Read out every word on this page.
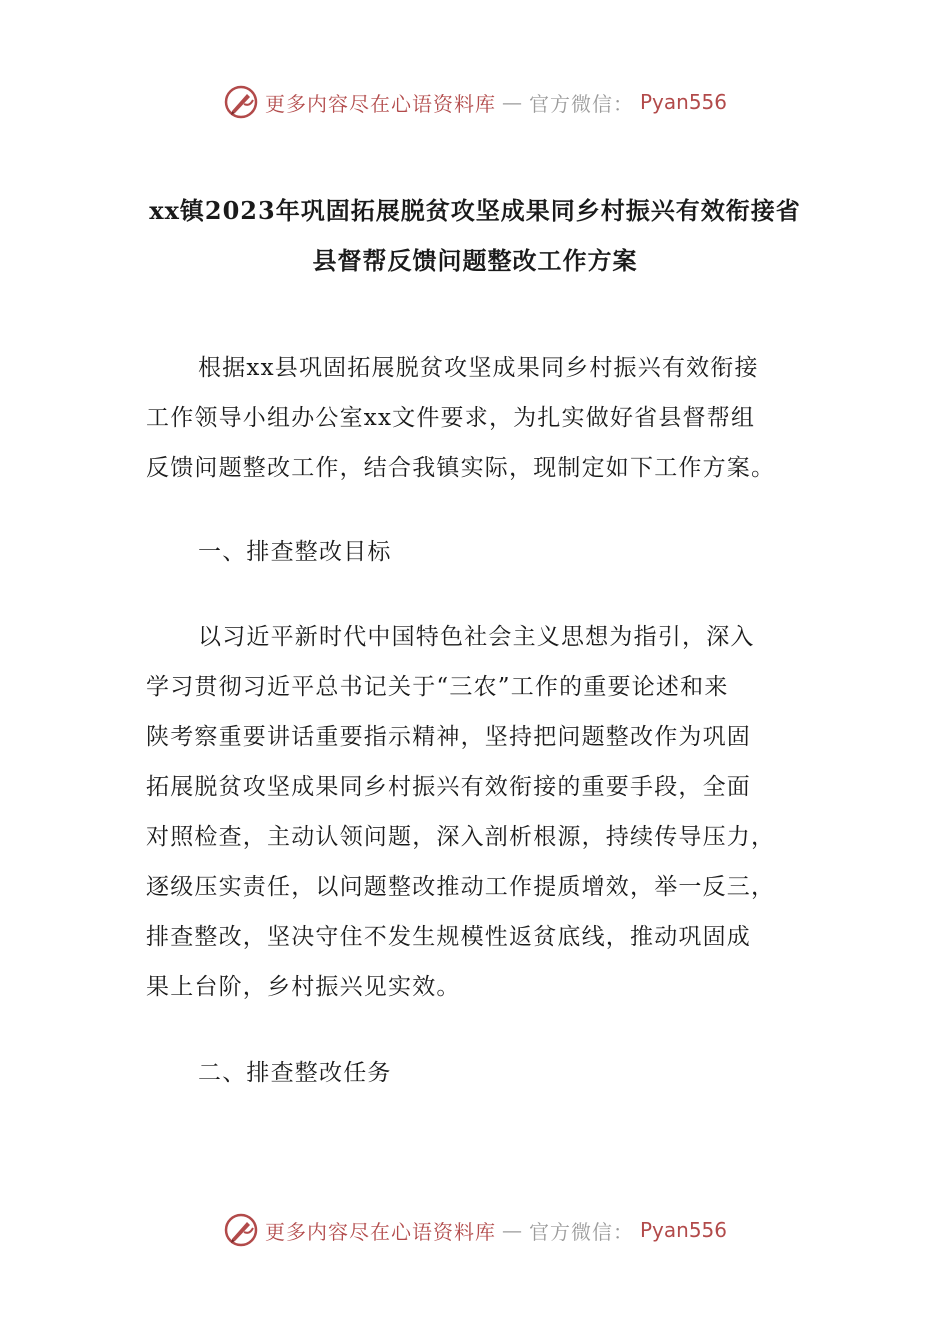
更多内容尽在心语资料库 — 官方微信： Pyan556
xx镇2023年巩固拓展脱贫攻坚成果同乡村振兴有效衔接省
县督帮反馈问题整改工作方案

根据xx县巩固拓展脱贫攻坚成果同乡村振兴有效衔接
工作领导小组办公室xx文件要求，为扎实做好省县督帮组
反馈问题整改工作，结合我镇实际，现制定如下工作方案。

一、排查整改目标

以习近平新时代中国特色社会主义思想为指引，深入
学习贯彻习近平总书记关于“三农”工作的重要论述和来
陕考察重要讲话重要指示精神，坚持把问题整改作为巩固
拓展脱贫攻坚成果同乡村振兴有效衔接的重要手段，全面
对照检查，主动认领问题，深入剖析根源，持续传导压力，
逐级压实责任，以问题整改推动工作提质增效，举一反三，
排查整改，坚决守住不发生规模性返贫底线，推动巩固成
果上台阶，乡村振兴见实效。

二、排查整改任务

更多内容尽在心语资料库 — 官方微信： Pyan556
